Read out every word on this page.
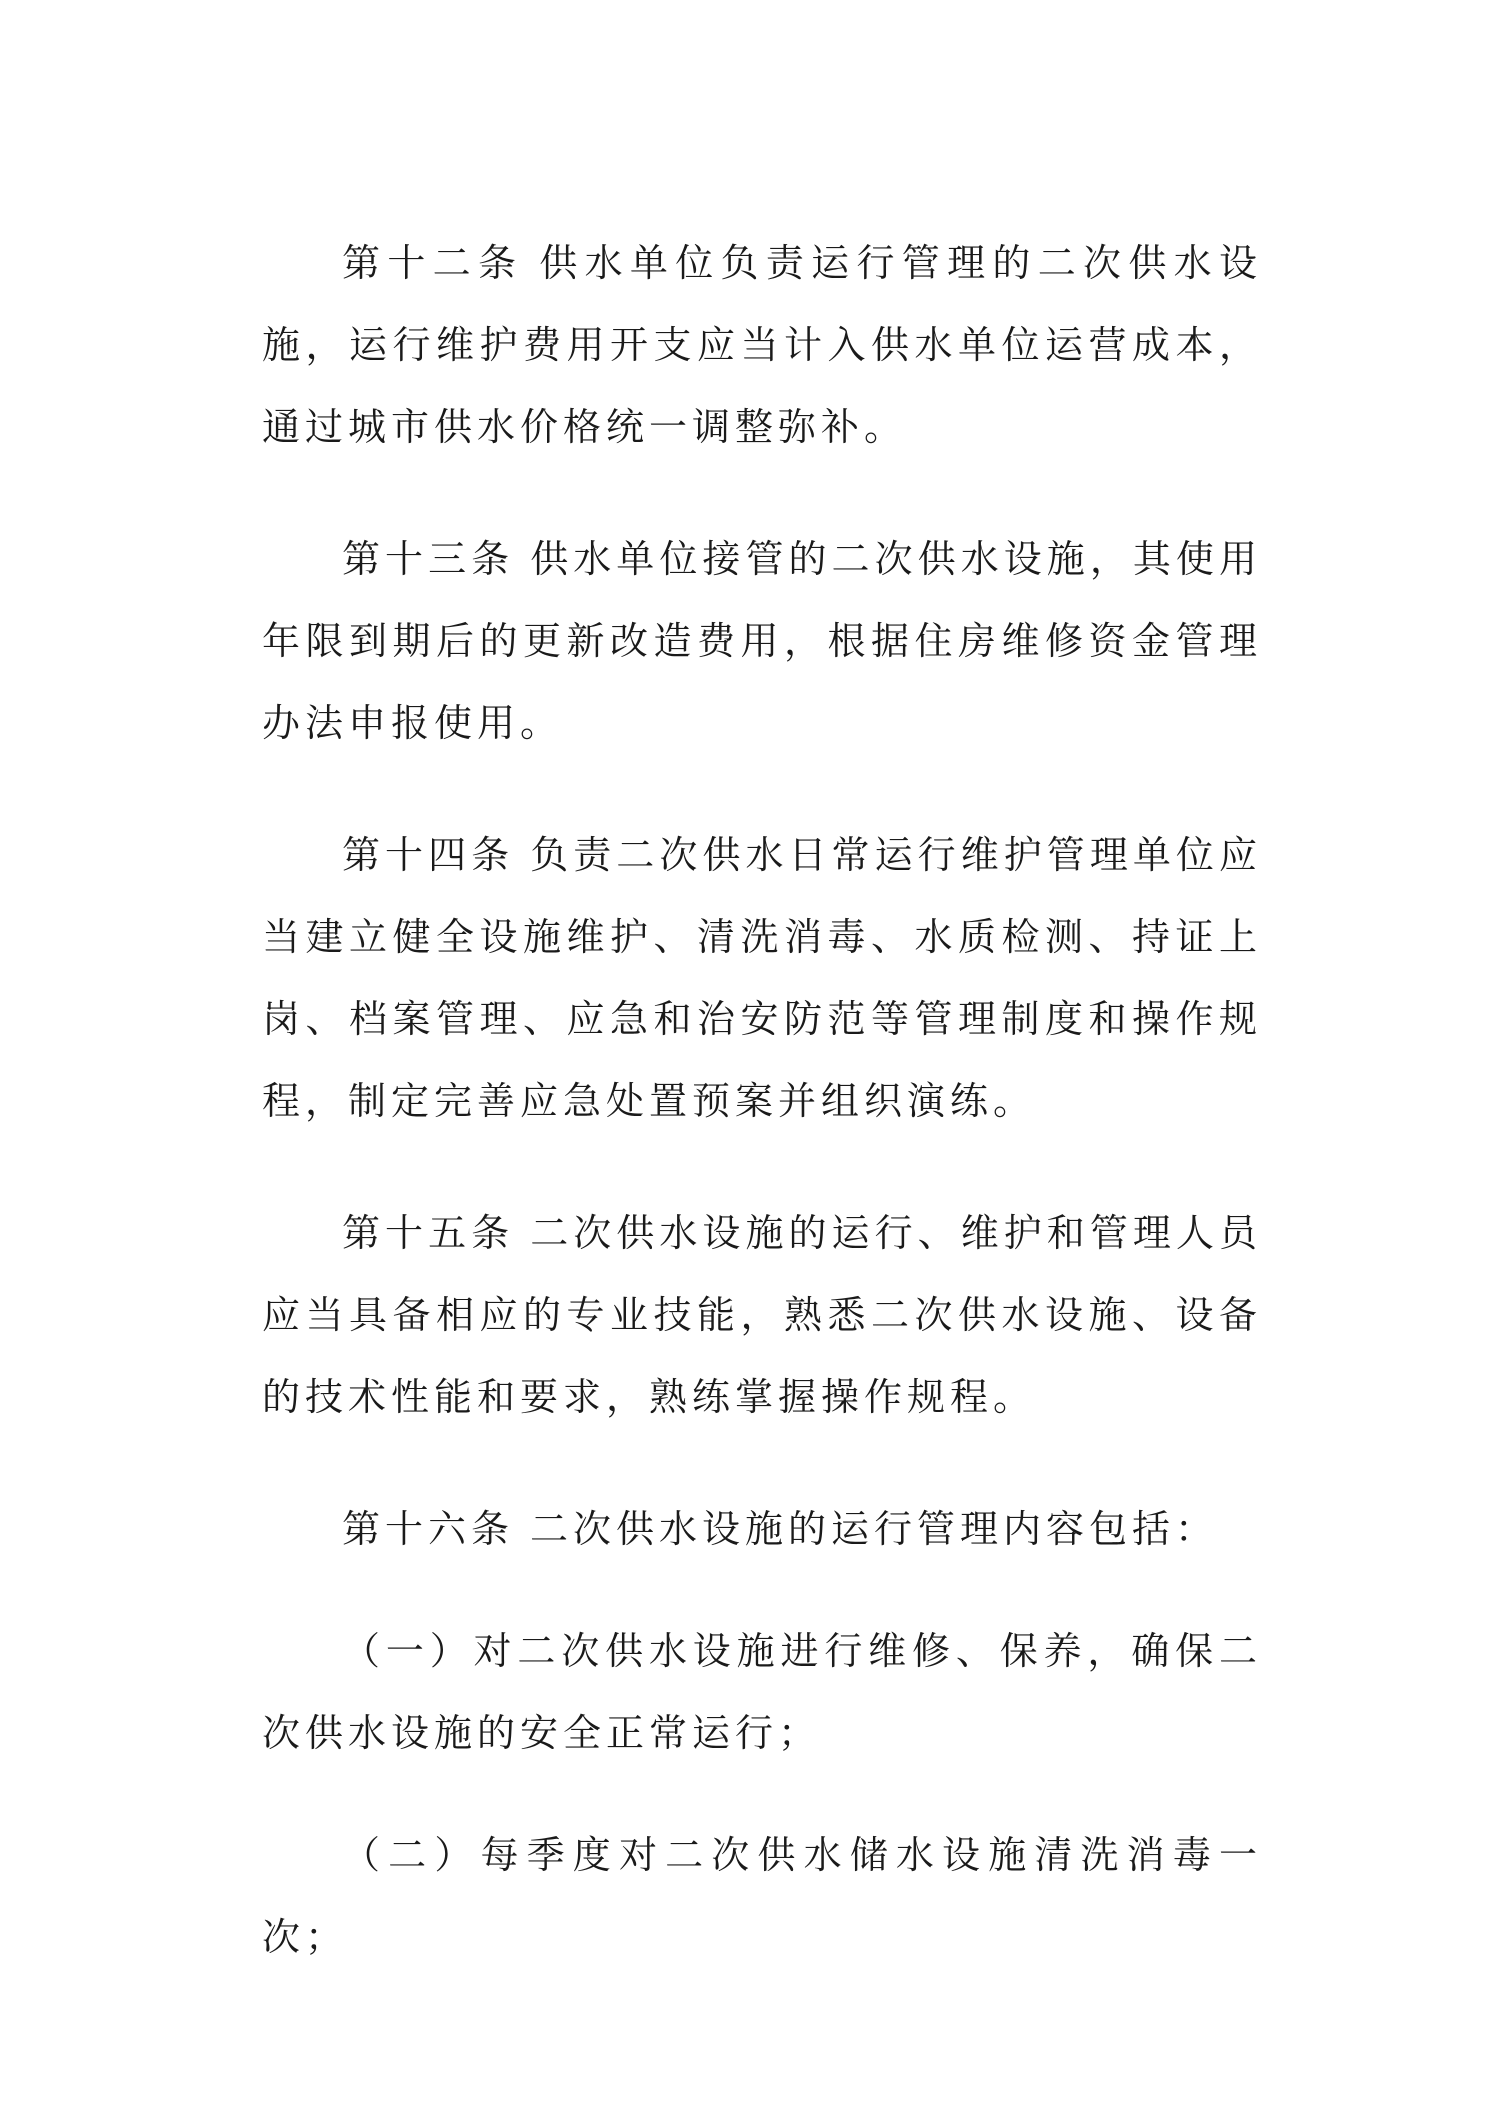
第十二条 供水单位负责运行管理的二次供水设施，运行维护费用开支应当计入供水单位运营成本，通过城市供水价格统一调整弥补。

第十三条 供水单位接管的二次供水设施，其使用年限到期后的更新改造费用，根据住房维修资金管理办法申报使用。

第十四条 负责二次供水日常运行维护管理单位应当建立健全设施维护、清洗消毒、水质检测、持证上岗、档案管理、应急和治安防范等管理制度和操作规程，制定完善应急处置预案并组织演练。

第十五条 二次供水设施的运行、维护和管理人员应当具备相应的专业技能，熟悉二次供水设施、设备的技术性能和要求，熟练掌握操作规程。

第十六条 二次供水设施的运行管理内容包括：

（一）对二次供水设施进行维修、保养，确保二次供水设施的安全正常运行；

（二）每季度对二次供水储水设施清洗消毒一次；
